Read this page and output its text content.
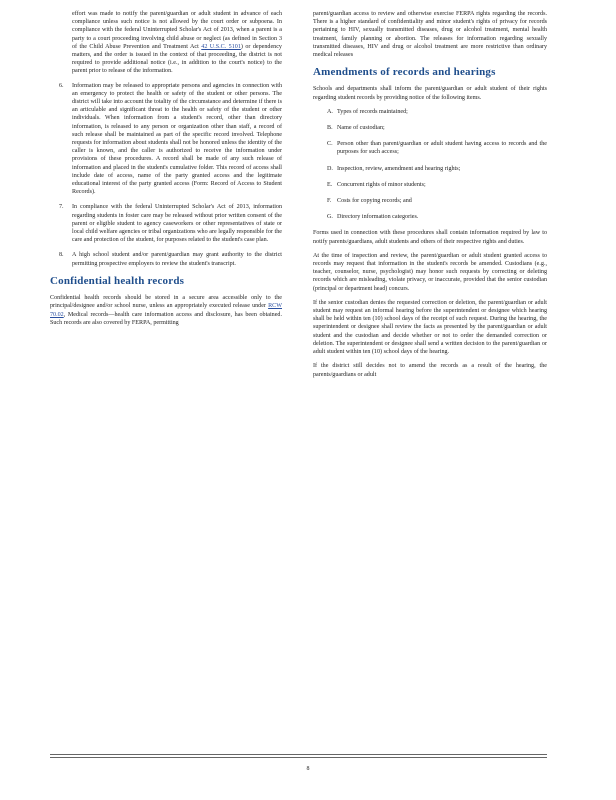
effort was made to notify the parent/guardian or adult student in advance of each compliance unless such notice is not allowed by the court order or subpoena. In compliance with the federal Uninterrupted Scholar's Act of 2013, when a parent is a party to a court proceeding involving child abuse or neglect (as defined in Section 3 of the Child Abuse Prevention and Treatment Act 42 U.S.C. 5101) or dependency matters, and the order is issued in the context of that proceeding, the district is not required to provide additional notice (i.e., in addition to the court's notice) to the parent prior to release of the information.

6.	Information may be released to appropriate persons and agencies in connection with an emergency to protect the health or safety of the student or other persons. The district will take into account the totality of the circumstance and determine if there is an articulable and significant threat to the health or safety of the student or other individuals. When information from a student's record, other than directory information, is released to any person or organization other than staff, a record of such release shall be maintained as part of the specific record involved. Telephone requests for information about students shall not be honored unless the identity of the caller is known, and the caller is authorized to receive the information under provisions of these procedures. A record shall be made of any such release of information and placed in the student's cumulative folder. This record of access shall include date of access, name of the party granted access and the legitimate educational interest of the party granted access (Form: Record of Access to Student Records).
7.	In compliance with the federal Uninterrupted Scholar's Act of 2013, information regarding students in foster care may be released without prior written consent of the parent or eligible student to agency caseworkers or other representatives of state or local child welfare agencies or tribal organizations who are legally responsible for the care and protection of the student, for purposes related to the student's case plan.
8.	A high school student and/or parent/guardian may grant authority to the district permitting prospective employers to review the student's transcript.
Confidential health records

Confidential health records should be stored in a secure area accessible only to the principal/designee and/or school nurse, unless an appropriately executed release under RCW 70.02, Medical records—health care information access and disclosure, has been obtained. Such records are also covered by FERPA, permitting

parent/guardian access to review and otherwise exercise FERPA rights regarding the records. There is a higher standard of confidentiality and minor student's rights of privacy for records pertaining to HIV, sexually transmitted diseases, drug or alcohol treatment, mental health treatment, family planning or abortion. The releases for information regarding sexually transmitted diseases, HIV and drug or alcohol treatment are more restrictive than ordinary medical releases

Amendments of records and hearings

Schools and departments shall inform the parent/guardian or adult student of their rights regarding student records by providing notice of the following items.

A. Types of records maintained;
B. Name of custodian;
C. Person other than parent/guardian or adult student having access to records and the purposes for such access;
D. Inspection, review, amendment and hearing rights;
E. Concurrent rights of minor students;
F. Costs for copying records; and
G. Directory information categories.

Forms used in connection with these procedures shall contain information required by law to notify parents/guardians, adult students and others of their respective rights and duties.

At the time of inspection and review, the parent/guardian or adult student granted access to records may request that information in the student's records be amended. Custodians (e.g., teacher, counselor, nurse, psychologist) may honor such requests by correcting or deleting records which are misleading, violate privacy, or inaccurate, provided that the senior custodian (principal or department head) concurs.

If the senior custodian denies the requested correction or deletion, the parent/guardian or adult student may request an informal hearing before the superintendent or designee which hearing shall be held within ten (10) school days of the receipt of such request. During the hearing, the superintendent or designee shall review the facts as presented by the parent/guardian or adult student and the custodian and decide whether or not to order the demanded correction or deletion. The superintendent or designee shall send a written decision to the parent/guardian or adult student within ten (10) school days of the hearing.

If the district still decides not to amend the records as a result of the hearing, the parents/guardians or adult

8
